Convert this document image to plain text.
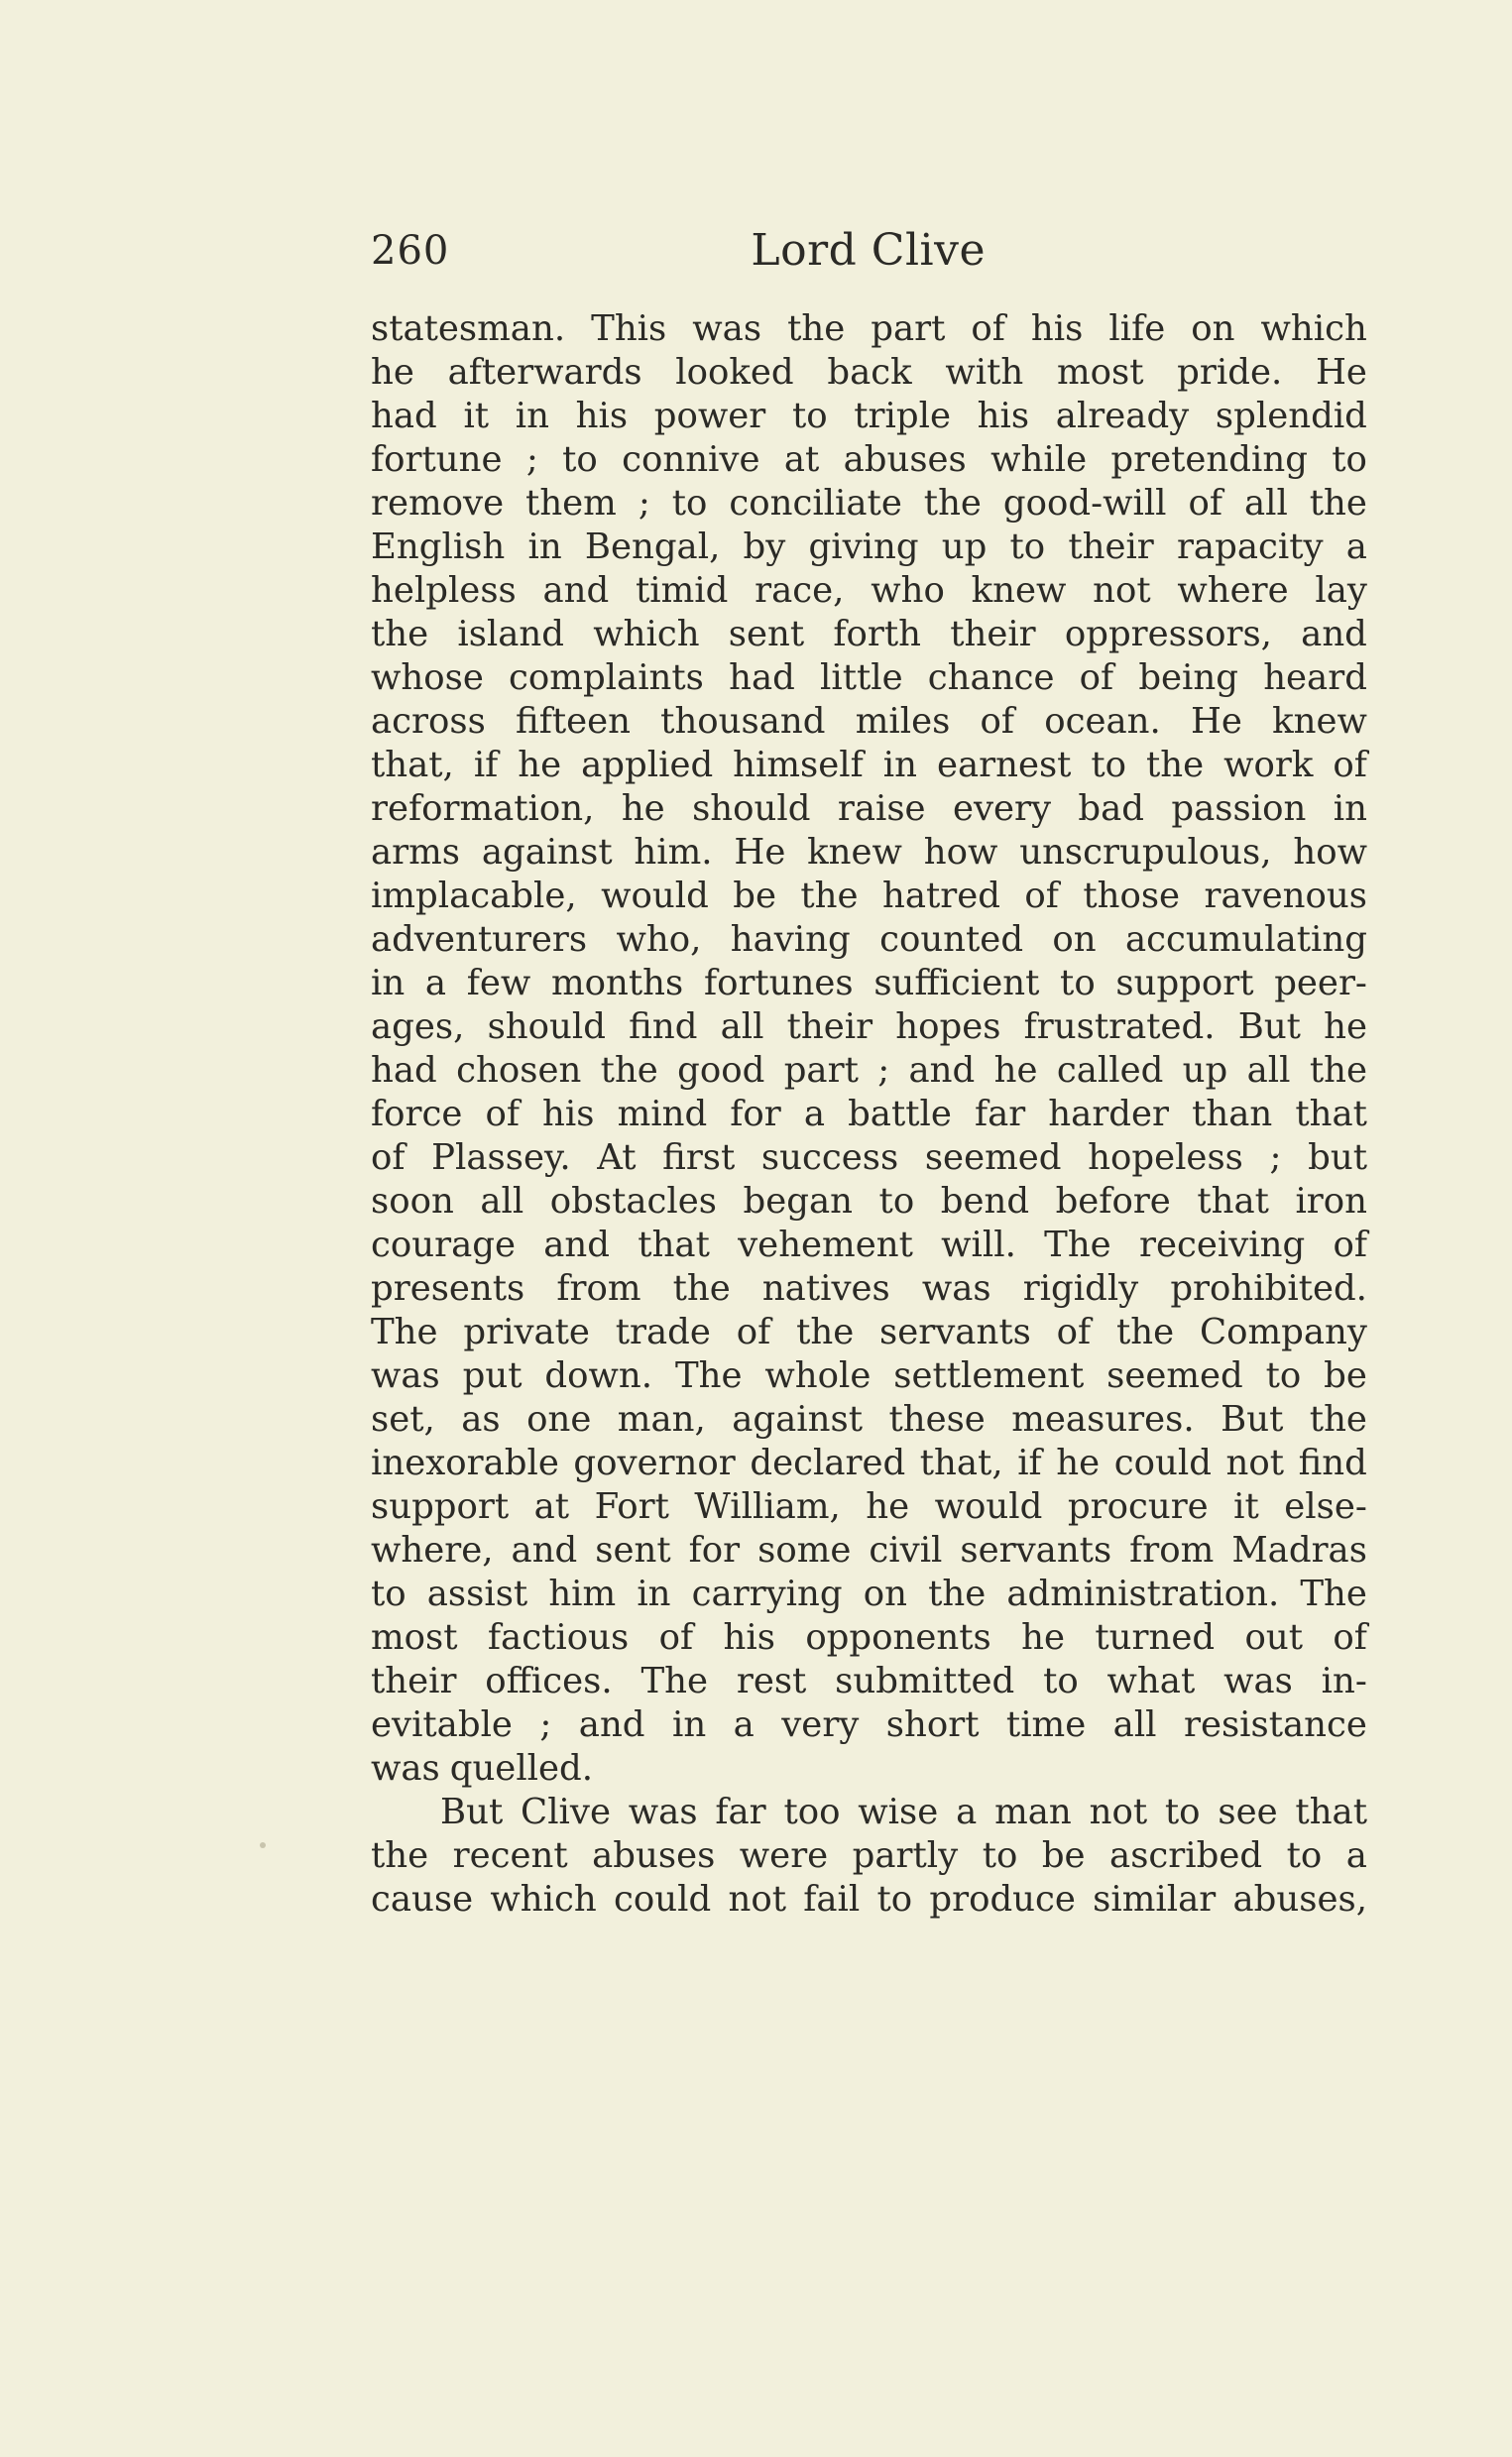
260	Lord Clive
statesman. This was the part of his life on which
he afterwards looked back with most pride. He
had it in his power to triple his already splendid
fortune ; to connive at abuses while pretending to
remove them ; to conciliate the good-will of all the
English in Bengal, by giving up to their rapacity a
helpless and timid race, who knew not where lay
the island which sent forth their oppressors, and
whose complaints had little chance of being heard
across fifteen thousand miles of ocean. He knew
that, if he applied himself in earnest to the work of
reformation, he should raise every bad passion in
arms against him. He knew how unscrupulous, how
implacable, would be the hatred of those ravenous
adventurers who, having counted on accumulating
in a few months fortunes sufficient to support peer-
ages, should find all their hopes frustrated. But he
had chosen the good part ; and he called up all the
force of his mind for a battle far harder than that
of Plassey. At first success seemed hopeless ; but
soon all obstacles began to bend before that iron
courage and that vehement will. The receiving of
presents from the natives was rigidly prohibited.
The private trade of the servants of the Company
was put down. The whole settlement seemed to be
set, as one man, against these measures. But the
inexorable governor declared that, if he could not find
support at Fort William, he would procure it else-
where, and sent for some civil servants from Madras
to assist him in carrying on the administration. The
most factious of his opponents he turned out of
their offices. The rest submitted to what was in-
evitable ; and in a very short time all resistance
was quelled.
But Clive was far too wise a man not to see that
the recent abuses were partly to be ascribed to a
cause which could not fail to produce similar abuses,
